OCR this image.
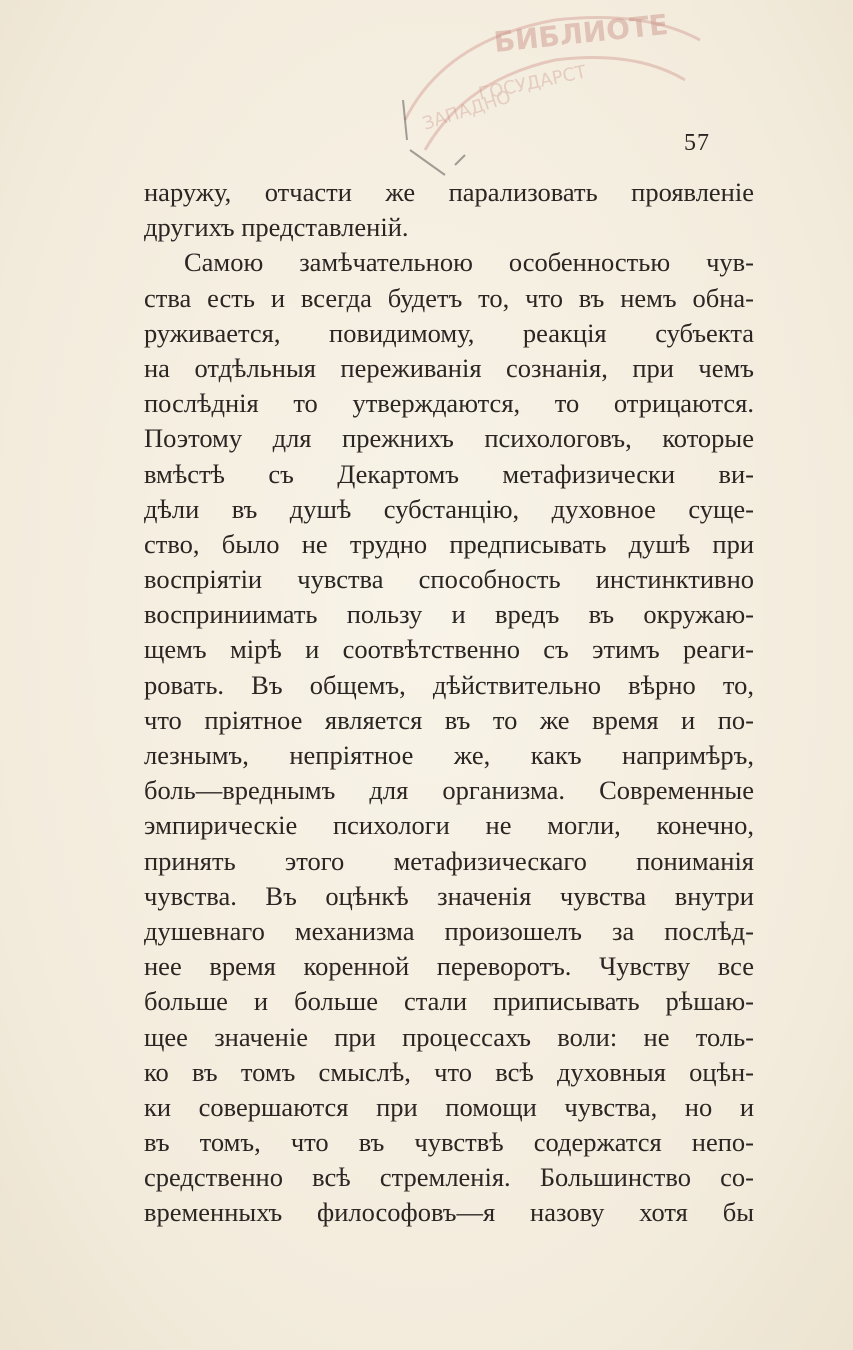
БИБЛИОТЕ
ГОСУДАРСТ
ЗАПАДНО
57
наружу, отчасти же парализовать проявленіе
другихъ представленій.
Самою замѣчательною особенностью чув-
ства есть и всегда будетъ то, что въ немъ обна-
руживается, повидимому, реакція субъекта
на отдѣльныя переживанія сознанія, при чемъ
послѣднія то утверждаются, то отрицаются.
Поэтому для прежнихъ психологовъ, которые
вмѣстѣ съ Декартомъ метафизически ви-
дѣли въ душѣ субстанцію, духовное суще-
ство, было не трудно предписывать душѣ при
воспріятіи чувства способность инстинктивно
восприниимать пользу и вредъ въ окружаю-
щемъ мірѣ и соотвѣтственно съ этимъ реаги-
ровать. Въ общемъ, дѣйствительно вѣрно то,
что пріятное является въ то же время и по-
лезнымъ, непріятное же, какъ напримѣръ,
боль—вреднымъ для организма. Современные
эмпирическіе психологи не могли, конечно,
принять этого метафизическаго пониманія
чувства. Въ оцѣнкѣ значенія чувства внутри
душевнаго механизма произошелъ за послѣд-
нее время коренной переворотъ. Чувству все
больше и больше стали приписывать рѣшаю-
щее значеніе при процессахъ воли: не толь-
ко въ томъ смыслѣ, что всѣ духовныя оцѣн-
ки совершаются при помощи чувства, но и
въ томъ, что въ чувствѣ содержатся непо-
средственно всѣ стремленія. Большинство со-
временныхъ философовъ—я назову хотя бы
